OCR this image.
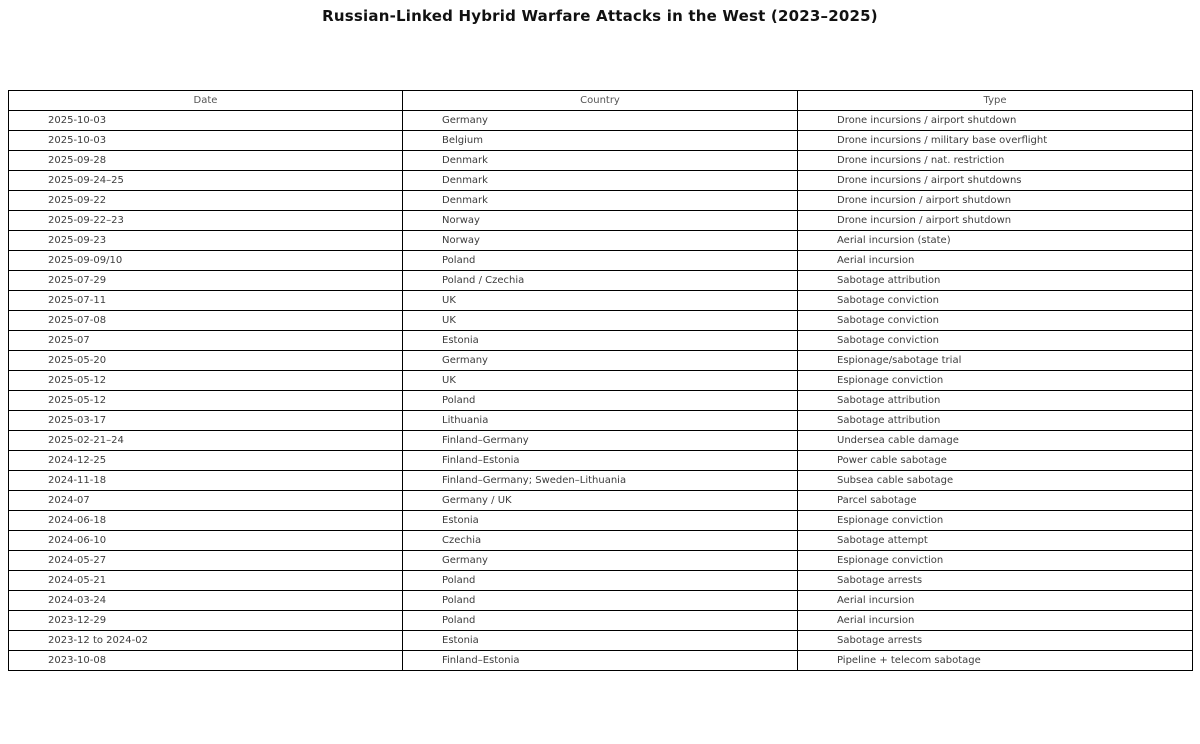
Russian-Linked Hybrid Warfare Attacks in the West (2023–2025)
Date	Country	Type
2025-10-03	Germany	Drone incursions / airport shutdown
2025-10-03	Belgium	Drone incursions / military base overflight
2025-09-28	Denmark	Drone incursions / nat. restriction
2025-09-24–25	Denmark	Drone incursions / airport shutdowns
2025-09-22	Denmark	Drone incursion / airport shutdown
2025-09-22–23	Norway	Drone incursion / airport shutdown
2025-09-23	Norway	Aerial incursion (state)
2025-09-09/10	Poland	Aerial incursion
2025-07-29	Poland / Czechia	Sabotage attribution
2025-07-11	UK	Sabotage conviction
2025-07-08	UK	Sabotage conviction
2025-07	Estonia	Sabotage conviction
2025-05-20	Germany	Espionage/sabotage trial
2025-05-12	UK	Espionage conviction
2025-05-12	Poland	Sabotage attribution
2025-03-17	Lithuania	Sabotage attribution
2025-02-21–24	Finland–Germany	Undersea cable damage
2024-12-25	Finland–Estonia	Power cable sabotage
2024-11-18	Finland–Germany; Sweden–Lithuania	Subsea cable sabotage
2024-07	Germany / UK	Parcel sabotage
2024-06-18	Estonia	Espionage conviction
2024-06-10	Czechia	Sabotage attempt
2024-05-27	Germany	Espionage conviction
2024-05-21	Poland	Sabotage arrests
2024-03-24	Poland	Aerial incursion
2023-12-29	Poland	Aerial incursion
2023-12 to 2024-02	Estonia	Sabotage arrests
2023-10-08	Finland–Estonia	Pipeline + telecom sabotage
